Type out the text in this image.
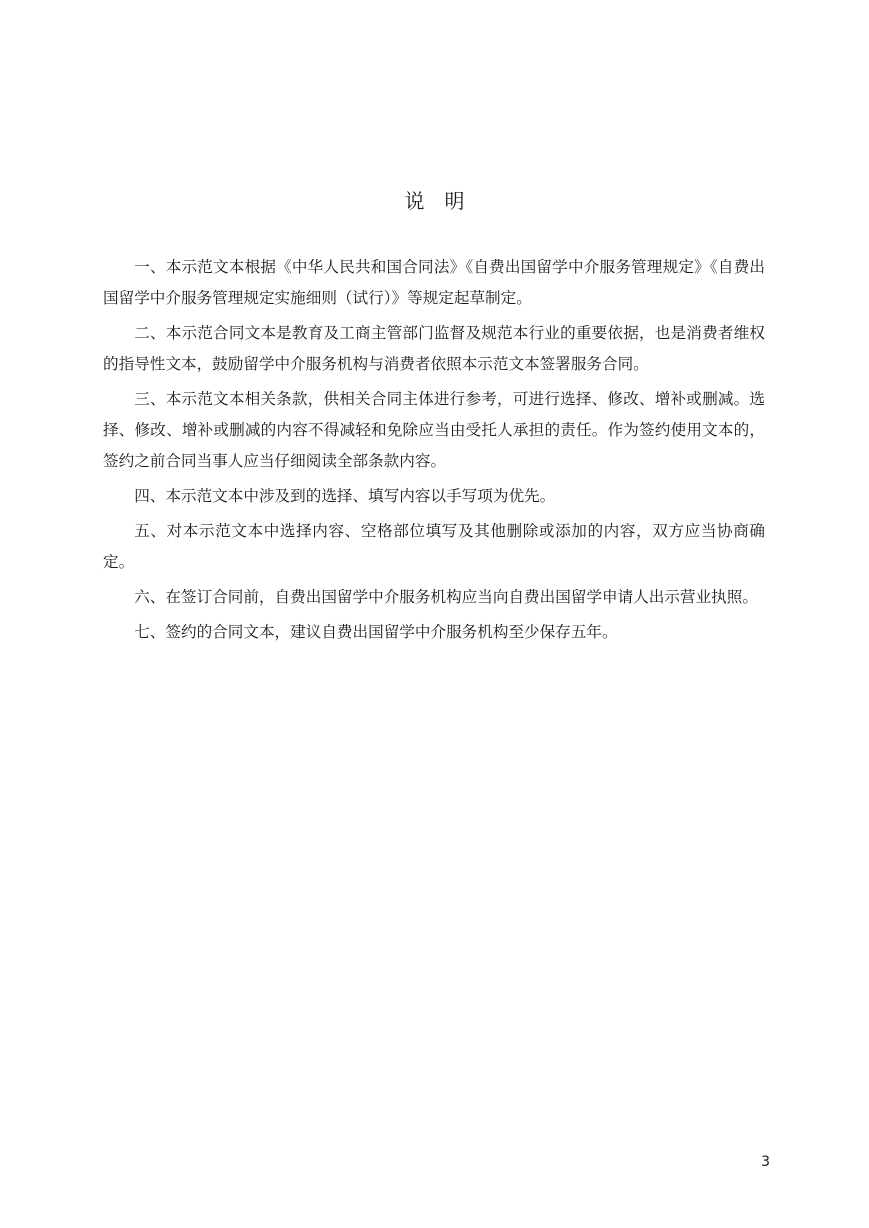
说　明

一、本示范文本根据《中华人民共和国合同法》《自费出国留学中介服务管理规定》《自费出国留学中介服务管理规定实施细则（试行）》等规定起草制定。

二、本示范合同文本是教育及工商主管部门监督及规范本行业的重要依据，也是消费者维权的指导性文本，鼓励留学中介服务机构与消费者依照本示范文本签署服务合同。

三、本示范文本相关条款，供相关合同主体进行参考，可进行选择、修改、增补或删减。选择、修改、增补或删减的内容不得减轻和免除应当由受托人承担的责任。作为签约使用文本的，签约之前合同当事人应当仔细阅读全部条款内容。

四、本示范文本中涉及到的选择、填写内容以手写项为优先。

五、对本示范文本中选择内容、空格部位填写及其他删除或添加的内容，双方应当协商确定。

六、在签订合同前，自费出国留学中介服务机构应当向自费出国留学申请人出示营业执照。

七、签约的合同文本，建议自费出国留学中介服务机构至少保存五年。

3
